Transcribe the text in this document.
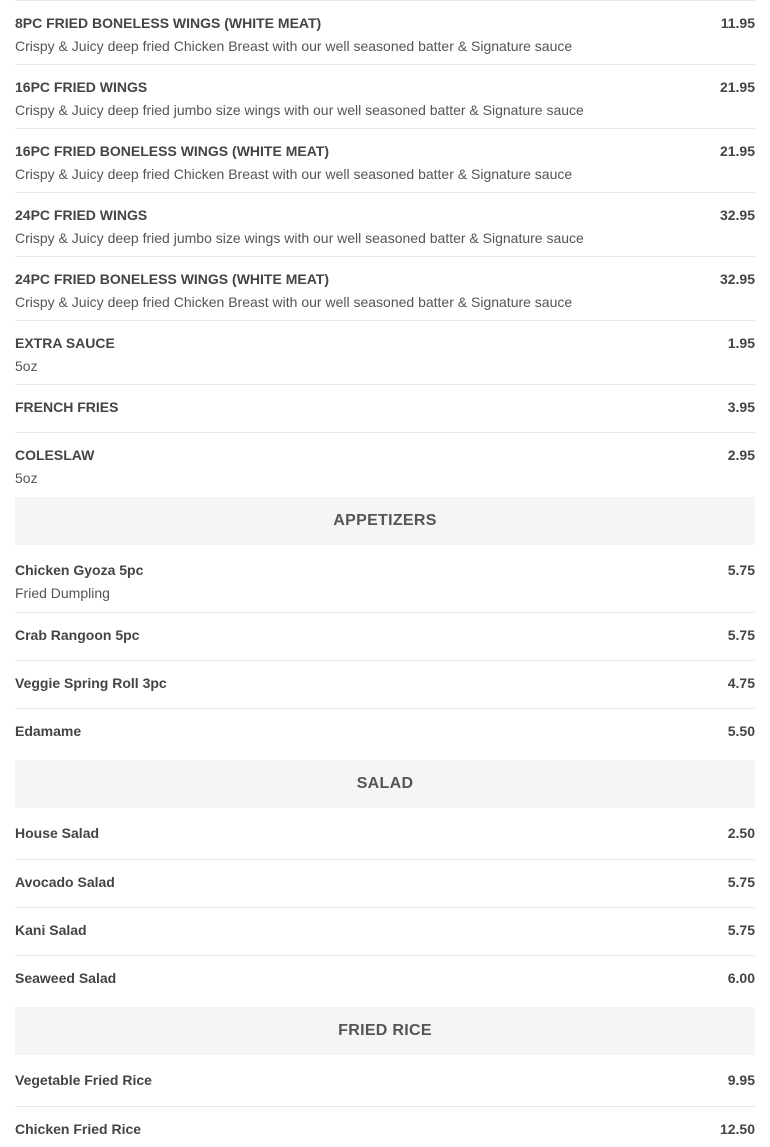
8PC FRIED BONELESS WINGS (WHITE MEAT)	11.95
Crispy & Juicy deep fried Chicken Breast with our well seasoned batter & Signature sauce
16PC FRIED WINGS	21.95
Crispy & Juicy deep fried jumbo size wings with our well seasoned batter & Signature sauce
16PC FRIED BONELESS WINGS (WHITE MEAT)	21.95
Crispy & Juicy deep fried Chicken Breast with our well seasoned batter & Signature sauce
24PC FRIED WINGS	32.95
Crispy & Juicy deep fried jumbo size wings with our well seasoned batter & Signature sauce
24PC FRIED BONELESS WINGS (WHITE MEAT)	32.95
Crispy & Juicy deep fried Chicken Breast with our well seasoned batter & Signature sauce
EXTRA SAUCE	1.95
5oz
FRENCH FRIES	3.95
COLESLAW	2.95
5oz
APPETIZERS
Chicken Gyoza 5pc	5.75
Fried Dumpling
Crab Rangoon 5pc	5.75
Veggie Spring Roll 3pc	4.75
Edamame	5.50
SALAD
House Salad	2.50
Avocado Salad	5.75
Kani Salad	5.75
Seaweed Salad	6.00
FRIED RICE
Vegetable Fried Rice	9.95
Chicken Fried Rice	12.50
